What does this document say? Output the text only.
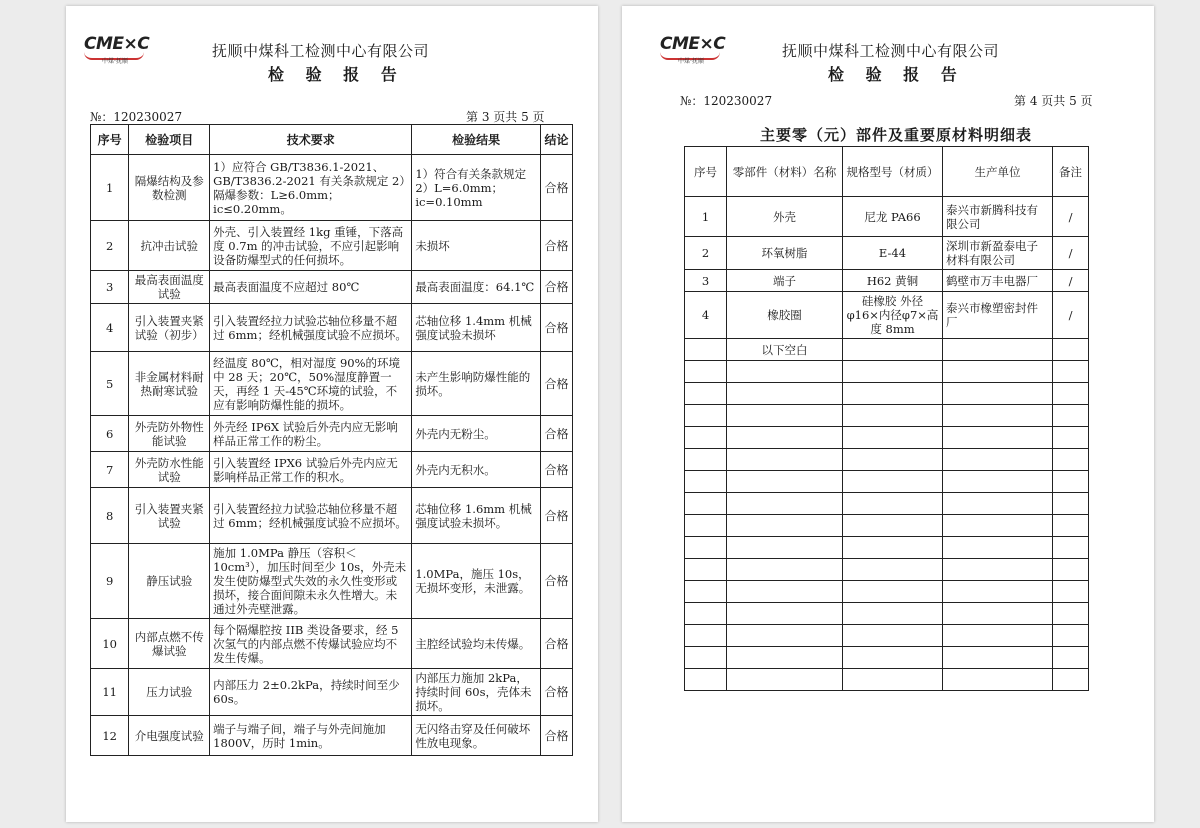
CME×C
中煤·抚顺
抚顺中煤科工检测中心有限公司
检 验 报 告
№：120230027	第 3 页共 5 页
序号	检验项目	技术要求	检验结果	结论
1	隔爆结构及参数检测	1）应符合 GB/T3836.1-2021、GB/T3836.2-2021 有关条款规定 2）隔爆参数：L≥6.0mm；ic≤0.20mm。	1）符合有关条款规定 2）L=6.0mm；ic=0.10mm	合格
2	抗冲击试验	外壳、引入装置经 1kg 重锤，下落高度 0.7m 的冲击试验，不应引起影响设备防爆型式的任何损坏。	未损坏	合格
3	最高表面温度试验	最高表面温度不应超过 80℃	最高表面温度：64.1℃	合格
4	引入装置夹紧试验（初步）	引入装置经拉力试验芯轴位移量不超过 6mm；经机械强度试验不应损坏。	芯轴位移 1.4mm 机械强度试验未损坏	合格
5	非金属材料耐热耐寒试验	经温度 80℃，相对湿度 90%的环境中 28 天；20℃，50%湿度静置一天，再经 1 天-45℃环境的试验，不应有影响防爆性能的损坏。	未产生影响防爆性能的损坏。	合格
6	外壳防外物性能试验	外壳经 IP6X 试验后外壳内应无影响样品正常工作的粉尘。	外壳内无粉尘。	合格
7	外壳防水性能试验	引入装置经 IPX6 试验后外壳内应无影响样品正常工作的积水。	外壳内无积水。	合格
8	引入装置夹紧试验	引入装置经拉力试验芯轴位移量不超过 6mm；经机械强度试验不应损坏。	芯轴位移 1.6mm 机械强度试验未损坏。	合格
9	静压试验	施加 1.0MPa 静压（容积＜10cm³），加压时间至少 10s，外壳未发生使防爆型式失效的永久性变形或损坏，接合面间隙未永久性增大。未通过外壳壁泄露。	1.0MPa，施压 10s，无损坏变形，未泄露。	合格
10	内部点燃不传爆试验	每个隔爆腔按 IIB 类设备要求，经 5 次氢气的内部点燃不传爆试验应均不发生传爆。	主腔经试验均未传爆。	合格
11	压力试验	内部压力 2±0.2kPa，持续时间至少 60s。	内部压力施加 2kPa，持续时间 60s，壳体未损坏。	合格
12	介电强度试验	端子与端子间，端子与外壳间施加 1800V，历时 1min。	无闪络击穿及任何破坏性放电现象。	合格
CME×C
中煤·抚顺
抚顺中煤科工检测中心有限公司
检 验 报 告
№：120230027	第 4 页共 5 页
主要零（元）部件及重要原材料明细表
序号	零部件（材料）名称	规格型号（材质）	生产单位	备注
1	外壳	尼龙 PA66	泰兴市新腾科技有限公司	/
2	环氧树脂	E-44	深圳市新盈泰电子材料有限公司	/
3	端子	H62 黄铜	鹤壁市万丰电器厂	/
4	橡胶圈	硅橡胶 外径φ16×内径φ7×高度 8mm	泰兴市橡塑密封件厂	/
	以下空白			
